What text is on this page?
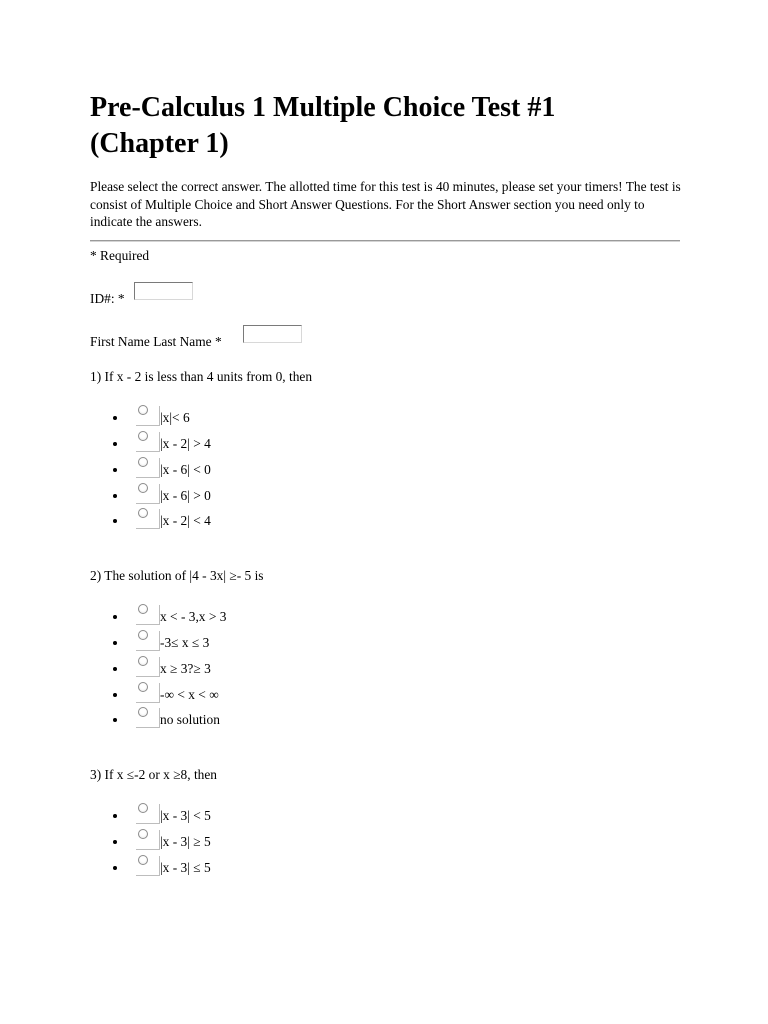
Pre-Calculus 1 Multiple Choice Test #1
(Chapter 1)

Please select the correct answer. The allotted time for this test is 40 minutes, please set your timers! The test is consist of Multiple Choice and Short Answer Questions. For the Short Answer section you need only to indicate the answers.

* Required
ID#: *
First Name Last Name *
1) If x - 2 is less than 4 units from 0, then
|x|< 6
|x - 2| > 4
|x - 6| < 0
|x - 6| > 0
|x - 2| < 4
2) The solution of |4 - 3x| ≥- 5 is
x < - 3,x > 3
-3≤ x ≤ 3
x ≥ 3?≥ 3
-∞ < x < ∞
no solution
3) If x ≤-2 or x ≥8, then
|x - 3| < 5
|x - 3| ≥ 5
|x - 3| ≤ 5
